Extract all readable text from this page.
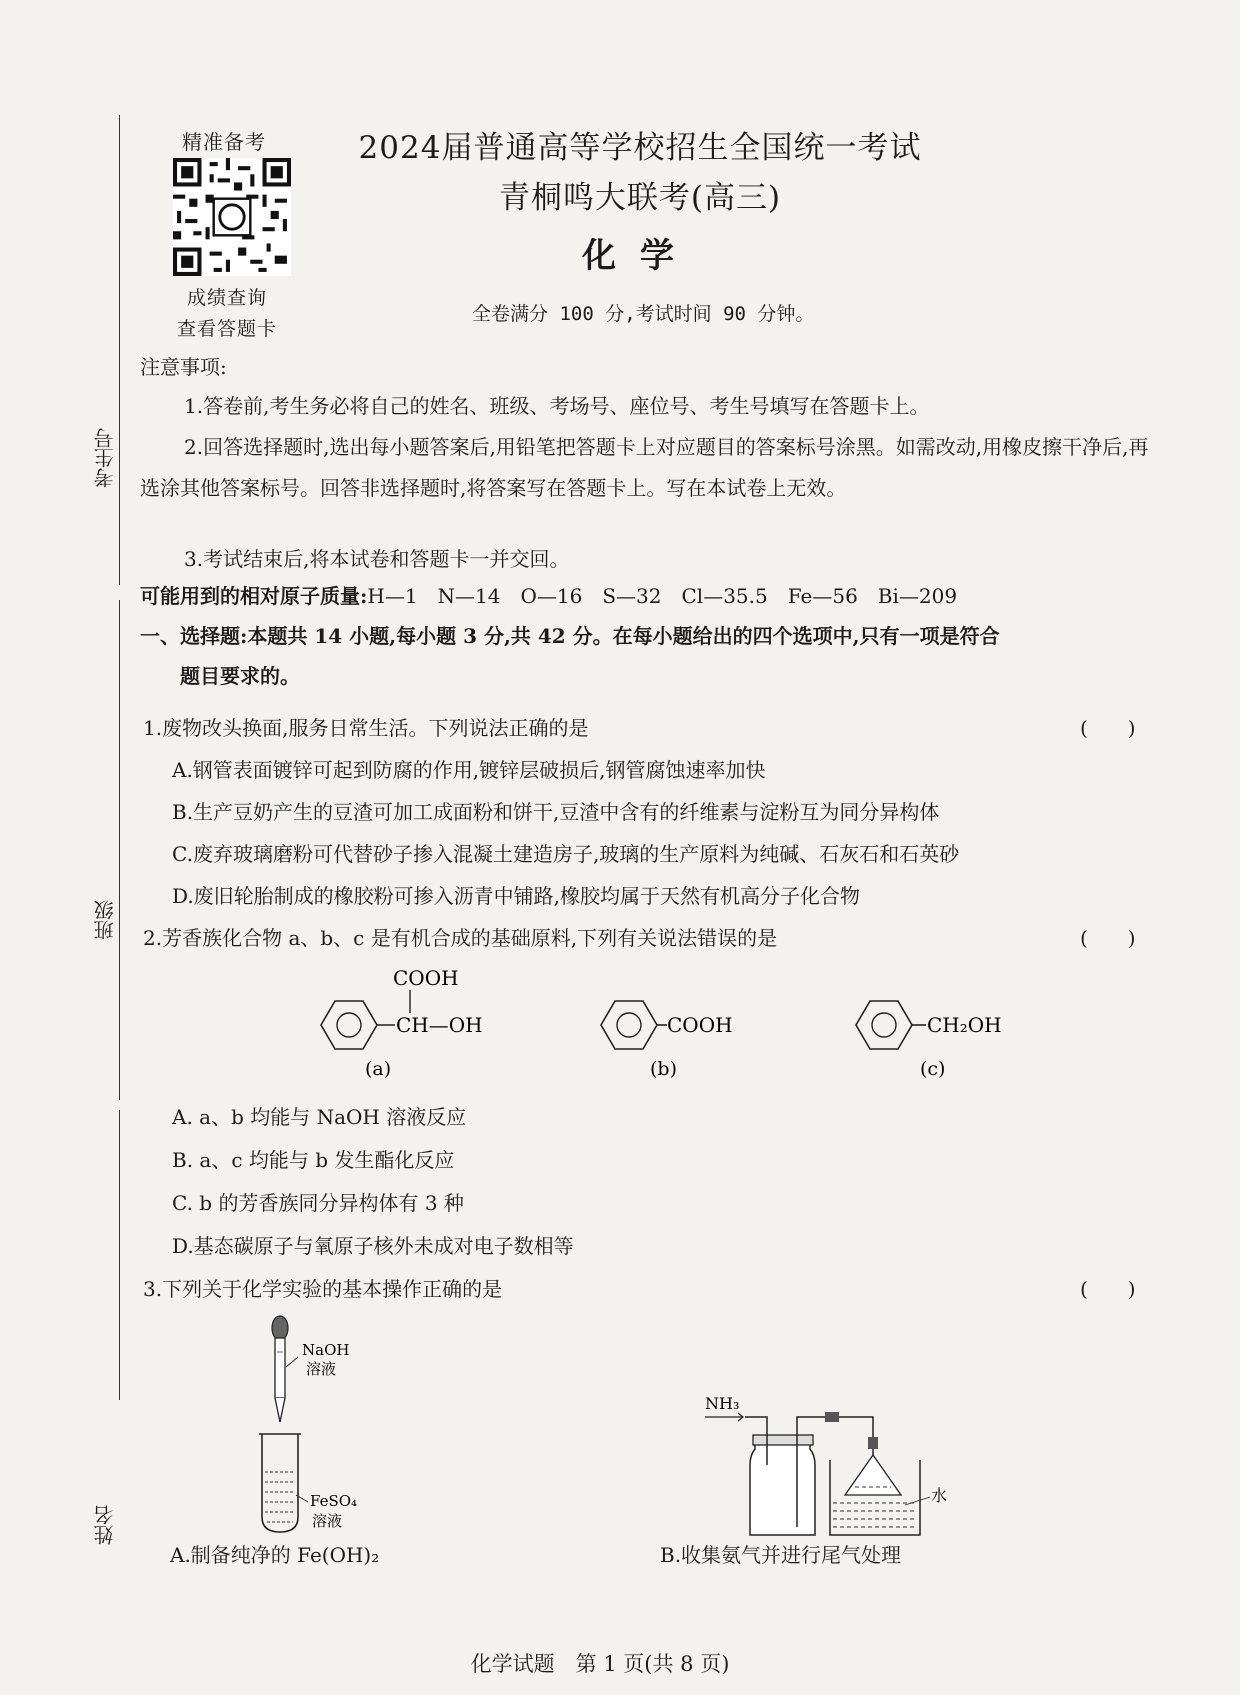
考生号
班级
姓名
精准备考
成绩查询
查看答题卡
2024届普通高等学校招生全国统一考试
青桐鸣大联考(高三)
化学
全卷满分 100 分,考试时间 90 分钟。
注意事项:
1.答卷前,考生务必将自己的姓名、班级、考场号、座位号、考生号填写在答题卡上。
2.回答选择题时,选出每小题答案后,用铅笔把答题卡上对应题目的答案标号涂黑。如需改动,用橡皮擦干净后,再选涂其他答案标号。回答非选择题时,将答案写在答题卡上。写在本试卷上无效。
3.考试结束后,将本试卷和答题卡一并交回。
可能用到的相对原子质量:H—1　N—14　O—16　S—32　Cl—35.5　Fe—56　Bi—209
一、选择题:本题共 14 小题,每小题 3 分,共 42 分。在每小题给出的四个选项中,只有一项是符合
题目要求的。
1.废物改头换面,服务日常生活。下列说法正确的是	(　　)
A.钢管表面镀锌可起到防腐的作用,镀锌层破损后,钢管腐蚀速率加快
B.生产豆奶产生的豆渣可加工成面粉和饼干,豆渣中含有的纤维素与淀粉互为同分异构体
C.废弃玻璃磨粉可代替砂子掺入混凝土建造房子,玻璃的生产原料为纯碱、石灰石和石英砂
D.废旧轮胎制成的橡胶粉可掺入沥青中铺路,橡胶均属于天然有机高分子化合物
2.芳香族化合物 a、b、c 是有机合成的基础原料,下列有关说法错误的是	(　　)
COOH
CH—OH
(a)
COOH
(b)
CH₂OH
(c)
A. a、b 均能与 NaOH 溶液反应
B. a、c 均能与 b 发生酯化反应
C. b 的芳香族同分异构体有 3 种
D.基态碳原子与氧原子核外未成对电子数相等
3.下列关于化学实验的基本操作正确的是	(　　)
NaOH
溶液
FeSO₄
溶液
A.制备纯净的 Fe(OH)₂
NH₃
水
B.收集氨气并进行尾气处理
化学试题　第 1 页(共 8 页)
